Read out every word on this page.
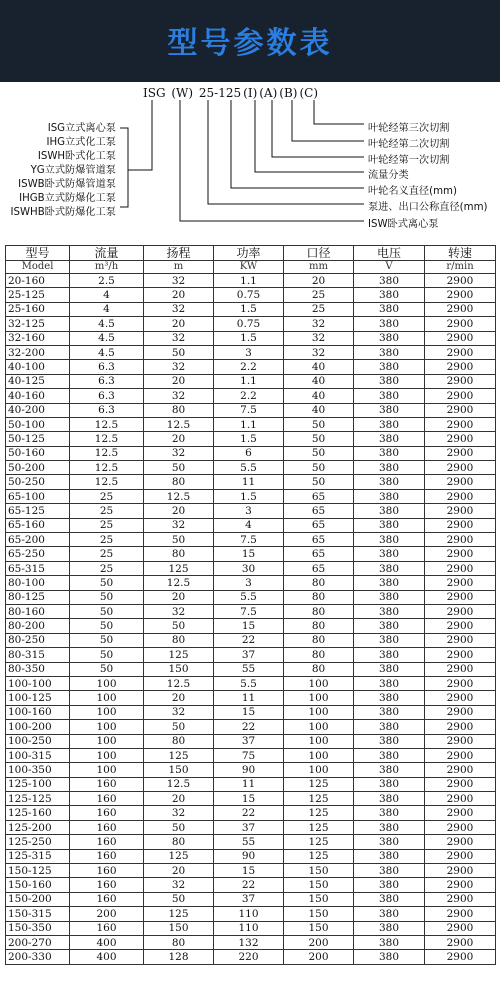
型号参数表
ISG (W) 25-125 (I) (A) (B) (C)
ISG立式离心泵
IHG立式化工泵
ISWH卧式化工泵
YG立式防爆管道泵
ISWB卧式防爆管道泵
IHGB立式防爆化工泵
ISWHB卧式防爆化工泵
叶轮经第三次切割
叶轮经第二次切割
叶轮经第一次切割
流量分类
叶轮名义直径(mm)
泵进、出口公称直径(mm)
ISW卧式离心泵
型号	流量	扬程	功率	口径	电压	转速
Model	m³/h	m	KW	mm	V	r/min
20-160	2.5	32	1.1	20	380	2900
25-125	4	20	0.75	25	380	2900
25-160	4	32	1.5	25	380	2900
32-125	4.5	20	0.75	32	380	2900
32-160	4.5	32	1.5	32	380	2900
32-200	4.5	50	3	32	380	2900
40-100	6.3	32	2.2	40	380	2900
40-125	6.3	20	1.1	40	380	2900
40-160	6.3	32	2.2	40	380	2900
40-200	6.3	80	7.5	40	380	2900
50-100	12.5	12.5	1.1	50	380	2900
50-125	12.5	20	1.5	50	380	2900
50-160	12.5	32	6	50	380	2900
50-200	12.5	50	5.5	50	380	2900
50-250	12.5	80	11	50	380	2900
65-100	25	12.5	1.5	65	380	2900
65-125	25	20	3	65	380	2900
65-160	25	32	4	65	380	2900
65-200	25	50	7.5	65	380	2900
65-250	25	80	15	65	380	2900
65-315	25	125	30	65	380	2900
80-100	50	12.5	3	80	380	2900
80-125	50	20	5.5	80	380	2900
80-160	50	32	7.5	80	380	2900
80-200	50	50	15	80	380	2900
80-250	50	80	22	80	380	2900
80-315	50	125	37	80	380	2900
80-350	50	150	55	80	380	2900
100-100	100	12.5	5.5	100	380	2900
100-125	100	20	11	100	380	2900
100-160	100	32	15	100	380	2900
100-200	100	50	22	100	380	2900
100-250	100	80	37	100	380	2900
100-315	100	125	75	100	380	2900
100-350	100	150	90	100	380	2900
125-100	160	12.5	11	125	380	2900
125-125	160	20	15	125	380	2900
125-160	160	32	22	125	380	2900
125-200	160	50	37	125	380	2900
125-250	160	80	55	125	380	2900
125-315	160	125	90	125	380	2900
150-125	160	20	15	150	380	2900
150-160	160	32	22	150	380	2900
150-200	160	50	37	150	380	2900
150-315	200	125	110	150	380	2900
150-350	160	150	110	150	380	2900
200-270	400	80	132	200	380	2900
200-330	400	128	220	200	380	2900
